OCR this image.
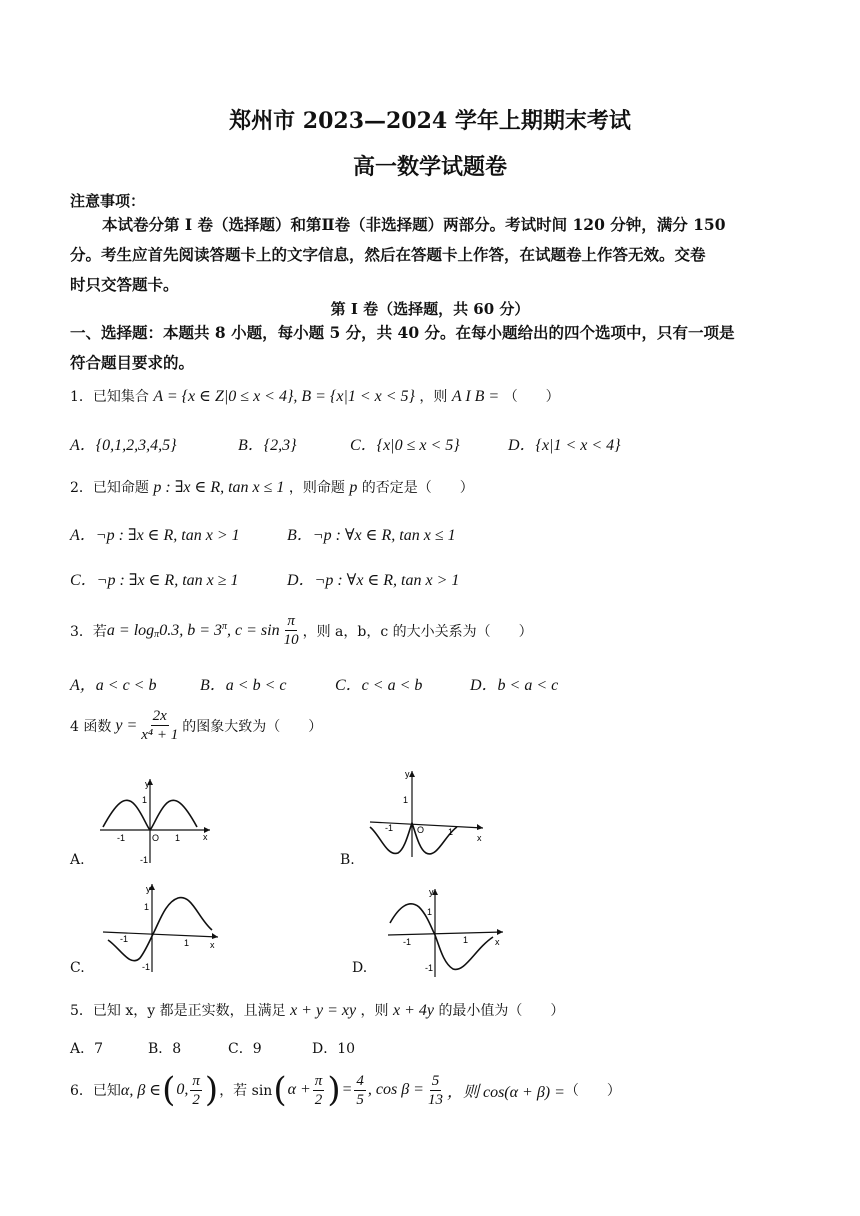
郑州市 2023—2024 学年上期期末考试
高一数学试题卷
注意事项：
本试卷分第 I 卷（选择题）和第Ⅱ卷（非选择题）两部分。考试时间 120 分钟，满分 150
分。考生应首先阅读答题卡上的文字信息，然后在答题卡上作答，在试题卷上作答无效。交卷
时只交答题卡。
第 I 卷（选择题，共 60 分）
一、选择题：本题共 8 小题，每小题 5 分，共 40 分。在每小题给出的四个选项中，只有一项是
符合题目要求的。
1．已知集合 A = {x ∈ Z|0 ≤ x < 4}, B = {x|1 < x < 5} ，则 A I B = （　　）
A．{0,1,2,3,4,5}	B．{2,3}	C．{x|0 ≤ x < 5}	D．{x|1 < x < 4}
2．已知命题 p : ∃x ∈ R, tan x ≤ 1 ，则命题 p 的否定是（　　）
A．¬p : ∃x ∈ R, tan x > 1	B．¬p : ∀x ∈ R, tan x ≤ 1
C．¬p : ∃x ∈ R, tan x ≥ 1	D．¬p : ∀x ∈ R, tan x > 1
3．若 $a = \log_\pi 0.3$, $b = 3^\pi$ , $c = \sin \frac{\pi}{10}$ ，则 a，b，c 的大小关系为（　　）
A，a < c < b	B．a < b < c	C．c < a < b	D．b < a < c
4 函数 $y = \frac{2x}{\text{x⁴ + 1}}$ 的图象大致为（　　）
y
x
1
-1
-1	1
O
A.
y
x
1
-1	1
O
B.
y
x
1
-1
-1	1
C.
y
x
1
-1
-1	1
D.
5．已知 x，y 都是正实数，且满足 x + y = xy ，则 x + 4y 的最小值为（　　）
A．7	B．8	C．9	D．10
6．已知 α, β ∈ ( 0, $\frac{\pi}{2}$ ) ，若 sin ( $\alpha + \frac{\pi}{2}$ ) = $\frac{4}{5}$ , $\cos \beta = \frac{5}{13}$ ，则 cos(α + β) = （　　）
